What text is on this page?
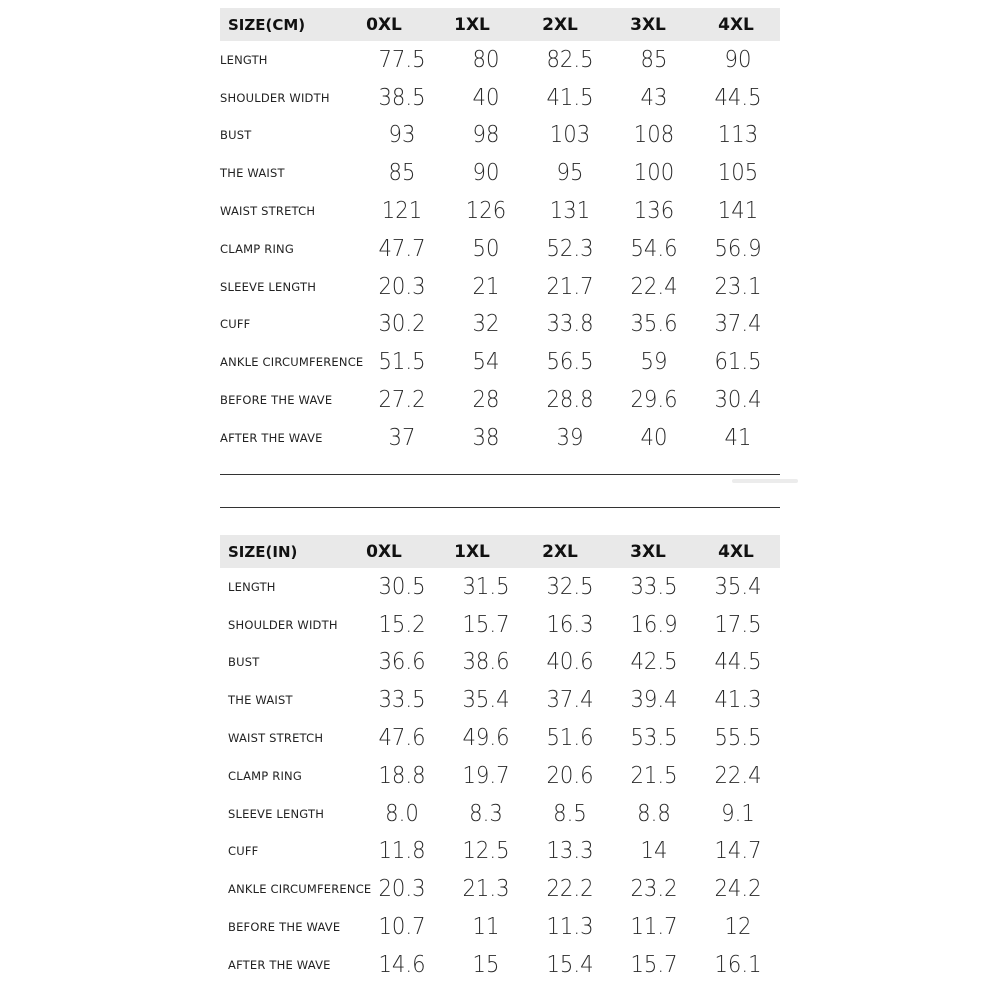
SIZE(CM)	0XL	1XL	2XL	3XL	4XL
LENGTH	77.5	80	82.5	85	90
SHOULDER WIDTH	38.5	40	41.5	43	44.5
BUST	93	98	103	108	113
THE WAIST	85	90	95	100	105
WAIST STRETCH	121	126	131	136	141
CLAMP RING	47.7	50	52.3	54.6	56.9
SLEEVE LENGTH	20.3	21	21.7	22.4	23.1
CUFF	30.2	32	33.8	35.6	37.4
ANKLE CIRCUMFERENCE 51.5	54	56.5	59	61.5
BEFORE THE WAVE	27.2	28	28.8	29.6	30.4
AFTER THE WAVE	37	38	39	40	41
SIZE(IN)	0XL	1XL	2XL	3XL	4XL
LENGTH	30.5	31.5	32.5	33.5	35.4
SHOULDER WIDTH	15.2	15.7	16.3	16.9	17.5
BUST	36.6	38.6	40.6	42.5	44.5
THE WAIST	33.5	35.4	37.4	39.4	41.3
WAIST STRETCH	47.6	49.6	51.6	53.5	55.5
CLAMP RING	18.8	19.7	20.6	21.5	22.4
SLEEVE LENGTH	8.0	8.3	8.5	8.8	9.1
CUFF	11.8	12.5	13.3	14	14.7
ANKLE CIRCUMFERENCE 20.3	21.3	22.2	23.2	24.2
BEFORE THE WAVE	10.7	11	11.3	11.7	12
AFTER THE WAVE	14.6	15	15.4	15.7	16.1
